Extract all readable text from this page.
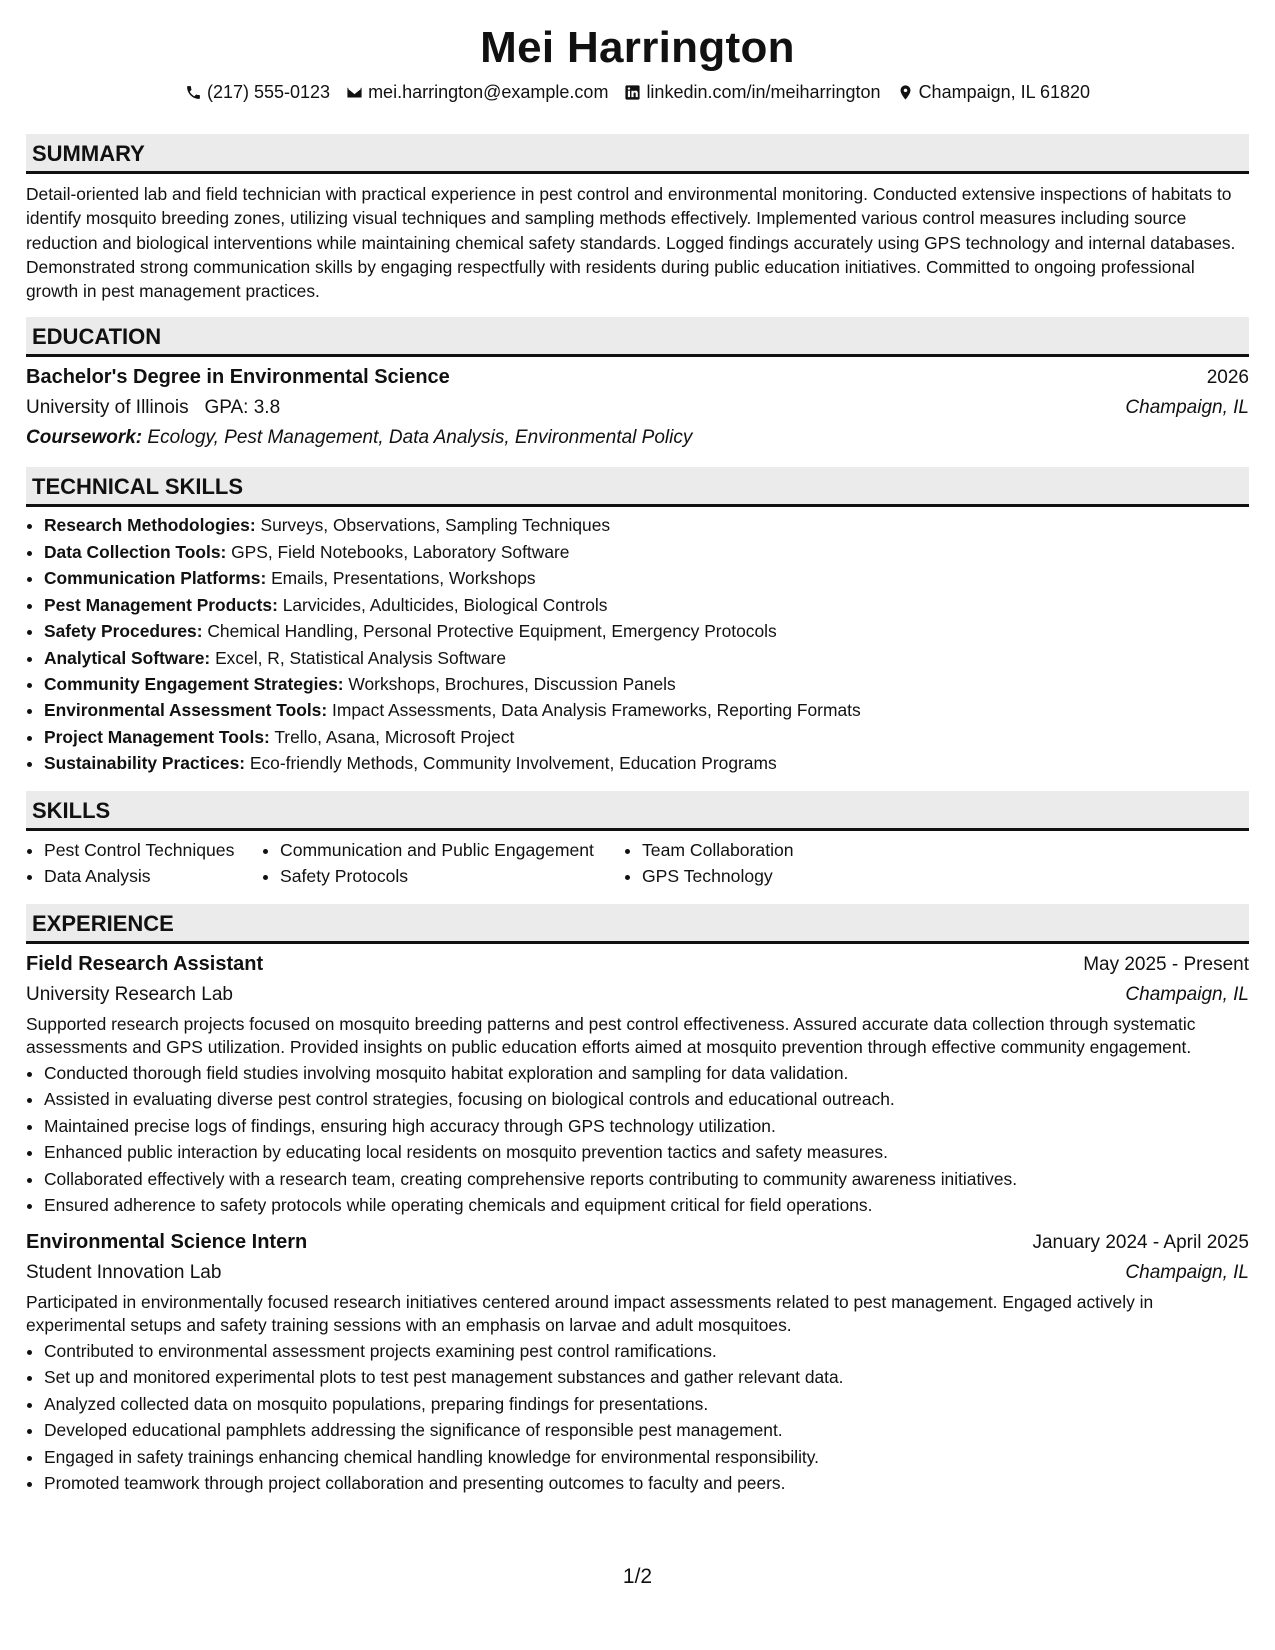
Mei Harrington
(217) 555-0123 mei.harrington@example.com linkedin.com/in/meiharrington Champaign, IL 61820
SUMMARY
Detail-oriented lab and field technician with practical experience in pest control and environmental monitoring. Conducted extensive inspections of habitats to identify mosquito breeding zones, utilizing visual techniques and sampling methods effectively. Implemented various control measures including source reduction and biological interventions while maintaining chemical safety standards. Logged findings accurately using GPS technology and internal databases. Demonstrated strong communication skills by engaging respectfully with residents during public education initiatives. Committed to ongoing professional growth in pest management practices.
EDUCATION
Bachelor's Degree in Environmental Science	2026
University of Illinois GPA: 3.8	Champaign, IL
Coursework: Ecology, Pest Management, Data Analysis, Environmental Policy
TECHNICAL SKILLS
• Research Methodologies: Surveys, Observations, Sampling Techniques
• Data Collection Tools: GPS, Field Notebooks, Laboratory Software
• Communication Platforms: Emails, Presentations, Workshops
• Pest Management Products: Larvicides, Adulticides, Biological Controls
• Safety Procedures: Chemical Handling, Personal Protective Equipment, Emergency Protocols
• Analytical Software: Excel, R, Statistical Analysis Software
• Community Engagement Strategies: Workshops, Brochures, Discussion Panels
• Environmental Assessment Tools: Impact Assessments, Data Analysis Frameworks, Reporting Formats
• Project Management Tools: Trello, Asana, Microsoft Project
• Sustainability Practices: Eco-friendly Methods, Community Involvement, Education Programs
SKILLS
• Pest Control Techniques
• Data Analysis
• Communication and Public Engagement
• Safety Protocols
• Team Collaboration
• GPS Technology
EXPERIENCE
Field Research Assistant	May 2025 - Present
University Research Lab	Champaign, IL
Supported research projects focused on mosquito breeding patterns and pest control effectiveness. Assured accurate data collection through systematic assessments and GPS utilization. Provided insights on public education efforts aimed at mosquito prevention through effective community engagement.
• Conducted thorough field studies involving mosquito habitat exploration and sampling for data validation.
• Assisted in evaluating diverse pest control strategies, focusing on biological controls and educational outreach.
• Maintained precise logs of findings, ensuring high accuracy through GPS technology utilization.
• Enhanced public interaction by educating local residents on mosquito prevention tactics and safety measures.
• Collaborated effectively with a research team, creating comprehensive reports contributing to community awareness initiatives.
• Ensured adherence to safety protocols while operating chemicals and equipment critical for field operations.
Environmental Science Intern	January 2024 - April 2025
Student Innovation Lab	Champaign, IL
Participated in environmentally focused research initiatives centered around impact assessments related to pest management. Engaged actively in experimental setups and safety training sessions with an emphasis on larvae and adult mosquitoes.
• Contributed to environmental assessment projects examining pest control ramifications.
• Set up and monitored experimental plots to test pest management substances and gather relevant data.
• Analyzed collected data on mosquito populations, preparing findings for presentations.
• Developed educational pamphlets addressing the significance of responsible pest management.
• Engaged in safety trainings enhancing chemical handling knowledge for environmental responsibility.
• Promoted teamwork through project collaboration and presenting outcomes to faculty and peers.
1/2
